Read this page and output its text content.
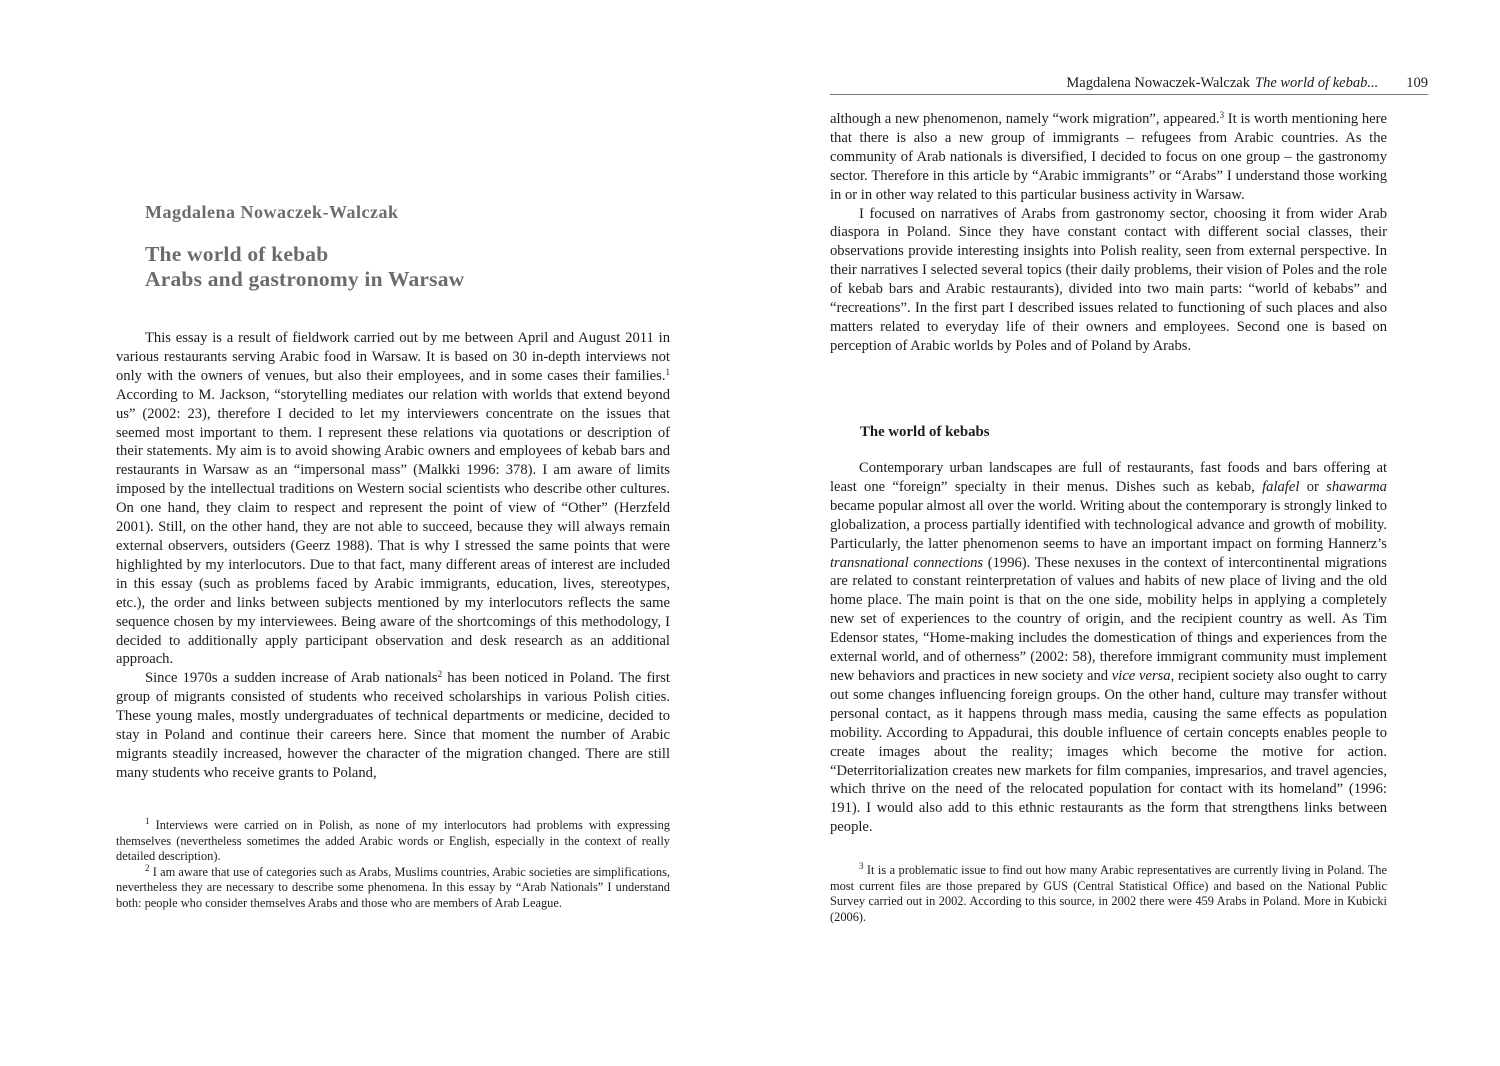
Magdalena Nowaczek-Walczak
The world of kebab
Arabs and gastronomy in Warsaw

This essay is a result of fieldwork carried out by me between April and August 2011 in various restaurants serving Arabic food in Warsaw. It is based on 30 in-depth interviews not only with the owners of venues, but also their employees, and in some cases their families.$^1$ According to M. Jackson, “storytelling mediates our relation with worlds that extend beyond us” (2002: 23), therefore I decided to let my interviewers concentrate on the issues that seemed most important to them. I represent these relations via quotations or description of their statements. My aim is to avoid showing Arabic owners and employees of kebab bars and restaurants in Warsaw as an “impersonal mass” (Malkki 1996: 378). I am aware of limits imposed by the intellectual traditions on Western social scientists who describe other cultures. On one hand, they claim to respect and represent the point of view of “Other” (Herzfeld 2001). Still, on the other hand, they are not able to succeed, because they will always remain external observers, outsiders (Geerz 1988). That is why I stressed the same points that were highlighted by my interlocutors. Due to that fact, many different areas of interest are included in this essay (such as problems faced by Arabic immigrants, education, lives, stereotypes, etc.), the order and links between subjects mentioned by my interlocutors reflects the same sequence chosen by my interviewees. Being aware of the shortcomings of this methodology, I decided to additionally apply participant observation and desk research as an additional approach.

Since 1970s a sudden increase of Arab nationals$^2$ has been noticed in Poland. The first group of migrants consisted of students who received scholarships in various Polish cities. These young males, mostly undergraduates of technical departments or medicine, decided to stay in Poland and continue their careers here. Since that moment the number of Arabic migrants steadily increased, however the character of the migration changed. There are still many students who receive grants to Poland,

$^1$ Interviews were carried on in Polish, as none of my interlocutors had problems with expressing themselves (nevertheless sometimes the added Arabic words or English, especially in the context of really detailed description).

$^2$ I am aware that use of categories such as Arabs, Muslims countries, Arabic societies are simplifications, nevertheless they are necessary to describe some phenomena. In this essay by “Arab Nationals” I understand both: people who consider themselves Arabs and those who are members of Arab League.

Magdalena Nowaczek-Walczak The world of kebab... 109

although a new phenomenon, namely “work migration”, appeared.$^3$ It is worth mentioning here that there is also a new group of immigrants – refugees from Arabic countries. As the community of Arab nationals is diversified, I decided to focus on one group – the gastronomy sector. Therefore in this article by “Arabic immigrants” or “Arabs” I understand those working in or in other way related to this particular business activity in Warsaw.

I focused on narratives of Arabs from gastronomy sector, choosing it from wider Arab diaspora in Poland. Since they have constant contact with different social classes, their observations provide interesting insights into Polish reality, seen from external perspective. In their narratives I selected several topics (their daily problems, their vision of Poles and the role of kebab bars and Arabic restaurants), divided into two main parts: “world of kebabs” and “recreations”. In the first part I described issues related to functioning of such places and also matters related to everyday life of their owners and employees. Second one is based on perception of Arabic worlds by Poles and of Poland by Arabs.

The world of kebabs

Contemporary urban landscapes are full of restaurants, fast foods and bars offering at least one “foreign” specialty in their menus. Dishes such as kebab, falafel or shawarma became popular almost all over the world. Writing about the contemporary is strongly linked to globalization, a process partially identified with technological advance and growth of mobility. Particularly, the latter phenomenon seems to have an important impact on forming Hannerz’s transnational connections (1996). These nexuses in the context of intercontinental migrations are related to constant reinterpretation of values and habits of new place of living and the old home place. The main point is that on the one side, mobility helps in applying a completely new set of experiences to the country of origin, and the recipient country as well. As Tim Edensor states, “Home-making includes the domestication of things and experiences from the external world, and of otherness” (2002: 58), therefore immigrant community must implement new behaviors and practices in new society and vice versa, recipient society also ought to carry out some changes influencing foreign groups. On the other hand, culture may transfer without personal contact, as it happens through mass media, causing the same effects as population mobility. According to Appadurai, this double influence of certain concepts enables people to create images about the reality; images which become the motive for action. “Deterritorialization creates new markets for film companies, impresarios, and travel agencies, which thrive on the need of the relocated population for contact with its homeland” (1996: 191). I would also add to this ethnic restaurants as the form that strengthens links between people.

$^3$ It is a problematic issue to find out how many Arabic representatives are currently living in Poland. The most current files are those prepared by GUS (Central Statistical Office) and based on the National Public Survey carried out in 2002. According to this source, in 2002 there were 459 Arabs in Poland. More in Kubicki (2006).
